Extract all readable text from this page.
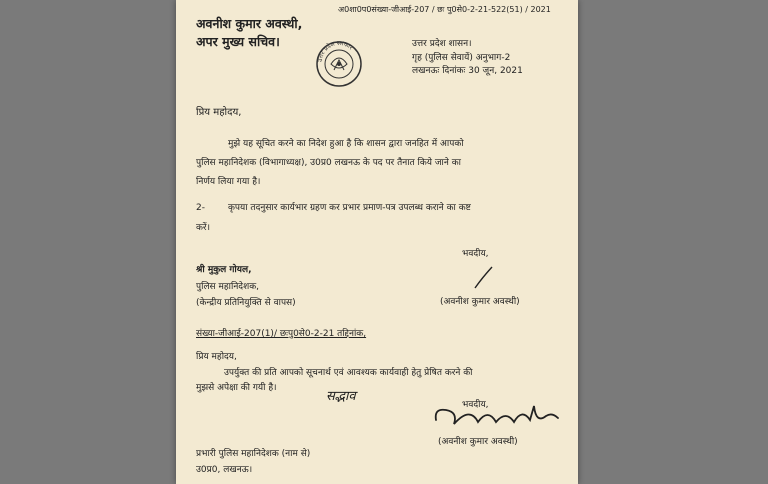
अ0शा0प0संख्या-जीआई-207 / छः पु0से0-2-21-522(51) / 2021
अवनीश कुमार अवस्थी,
अपर मुख्य सचिव।
उत्तर प्रदेश सरकार	उत्तर प्रदेश शासन।
गृह (पुलिस सेवायें) अनुभाग-2
लखनऊः दिनांकः 30 जून, 2021
प्रिय महोदय,
मुझे यह सूचित करने का निदेश हुआ है कि शासन द्वारा जनहित में आपको
पुलिस महानिदेशक (विभागाध्यक्ष), उ0प्र0 लखनऊ के पद पर तैनात किये जाने का
निर्णय लिया गया है।
2-	कृपया तदनुसार कार्यभार ग्रहण कर प्रभार प्रमाण-पत्र उपलब्ध कराने का कष्ट
करें।
भवदीय,
श्री मुकुल गोयल,
पुलिस महानिदेशक,
(केन्द्रीय प्रतिनियुक्ति से वापस)	(अवनीश कुमार अवस्थी)
संख्या-जीआई-207(1)/ छःपु0से0-2-21 तद्दिनांक,
प्रिय महोदय,
उपर्युक्त की प्रति आपको सूचनार्थ एवं आवश्यक कार्यवाही हेतु प्रेषित करने की
मुझसे अपेक्षा की गयी है।
सद्भाव
भवदीय,
(अवनीश कुमार अवस्थी)
प्रभारी पुलिस महानिदेशक (नाम से)
उ0प्र0, लखनऊ।
